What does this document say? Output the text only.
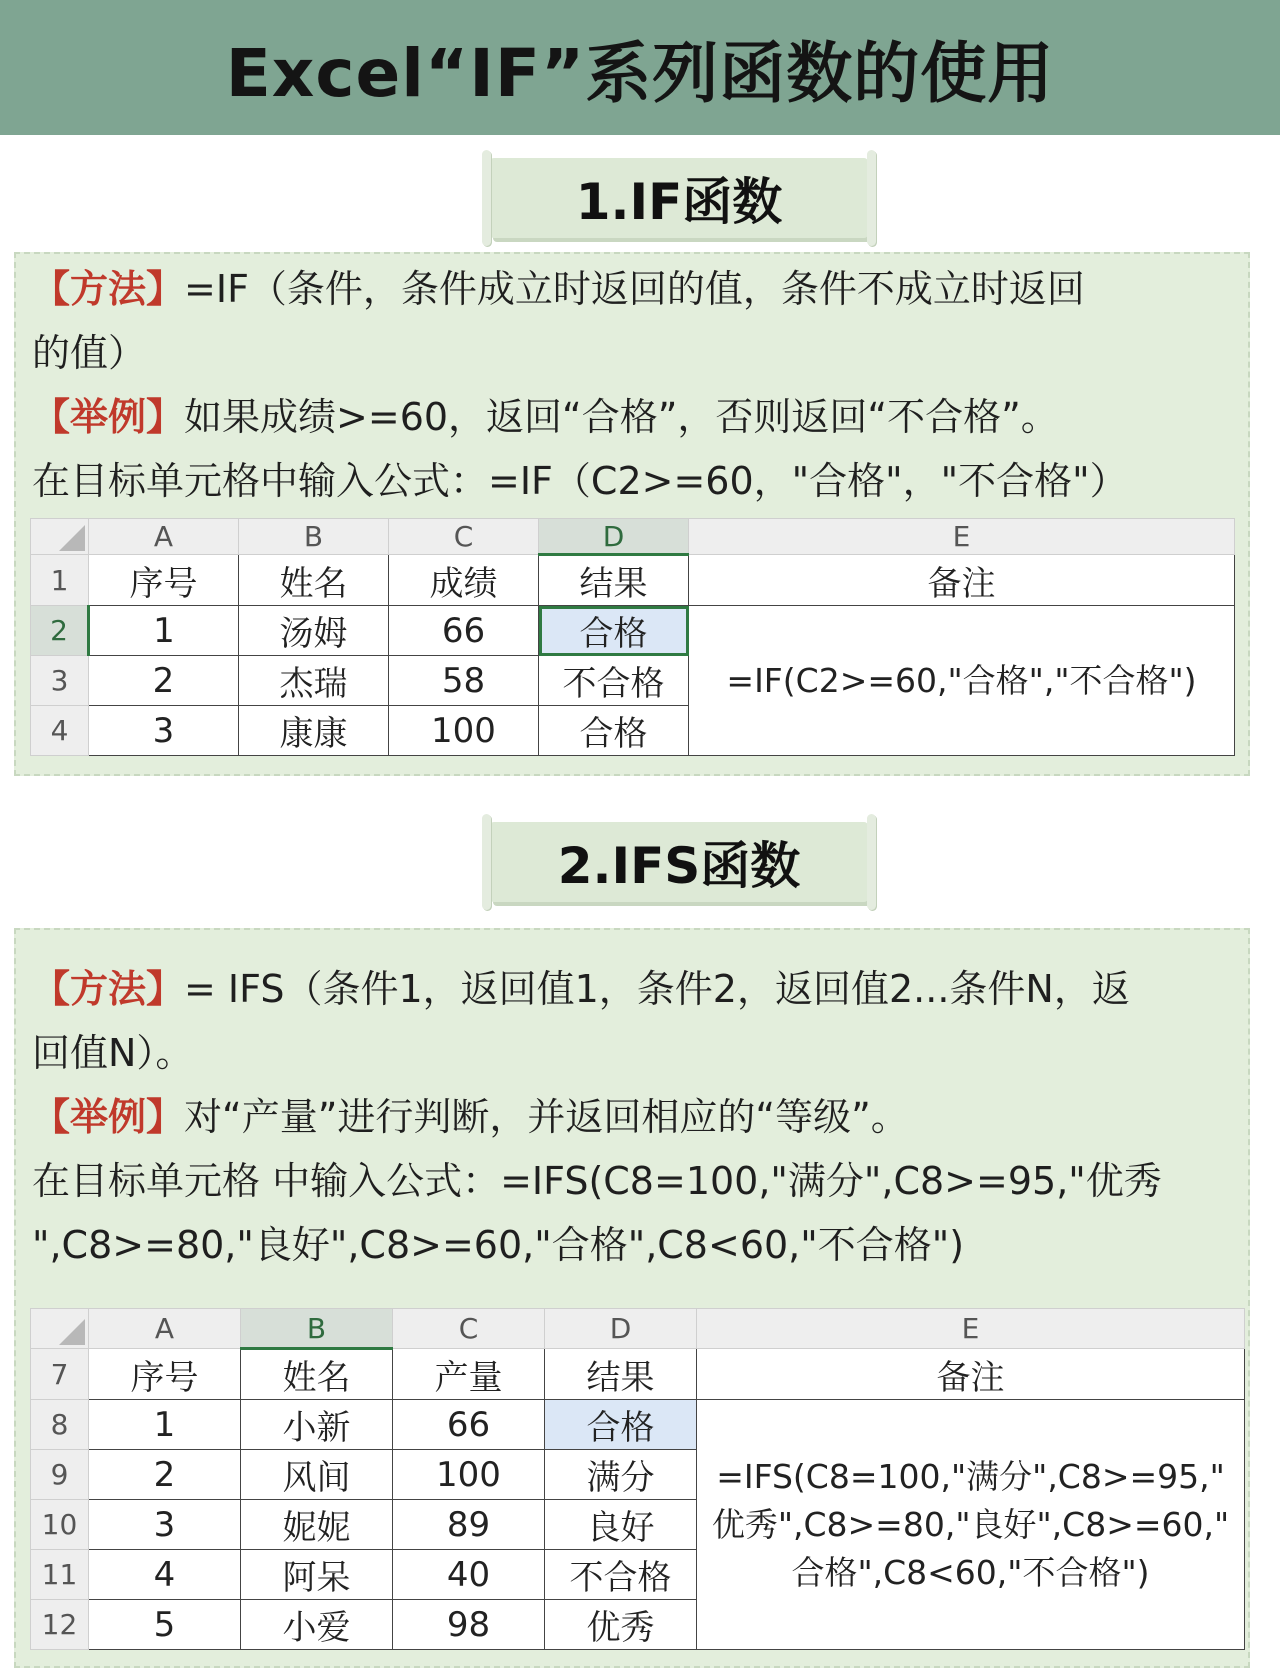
Excel“IF”系列函数的使用
1.IF函数
【方法】=IF（条件，条件成立时返回的值，条件不成立时返回
的值）
【举例】如果成绩>=60，返回“合格”，否则返回“不合格”。
在目标单元格中输入公式：=IF（C2>=60，"合格"，"不合格"）
	A	B	C	D	E
1	序号	姓名	成绩	结果	备注
2	1	汤姆	66	合格	=IF(C2>=60,"合格","不合格")
3	2	杰瑞	58	不合格	
4	3	康康	100	合格	
2.IFS函数
【方法】= IFS（条件1，返回值1，条件2，返回值2...条件N，返
回值N）。
【举例】对“产量”进行判断，并返回相应的“等级”。
在目标单元格 中输入公式：=IFS(C8=100,"满分",C8>=95,"优秀
",C8>=80,"良好",C8>=60,"合格",C8<60,"不合格")
	A	B	C	D	E
7	序号	姓名	产量	结果	备注
8	1	小新	66	合格	=IFS(C8=100,"满分",C8>=95,"
优秀",C8>=80,"良好",C8>=60,"
合格",C8<60,"不合格")

9	2	风间	100	满分	
10	3	妮妮	89	良好	
11	4	阿呆	40	不合格	
12	5	小爱	98	优秀	
